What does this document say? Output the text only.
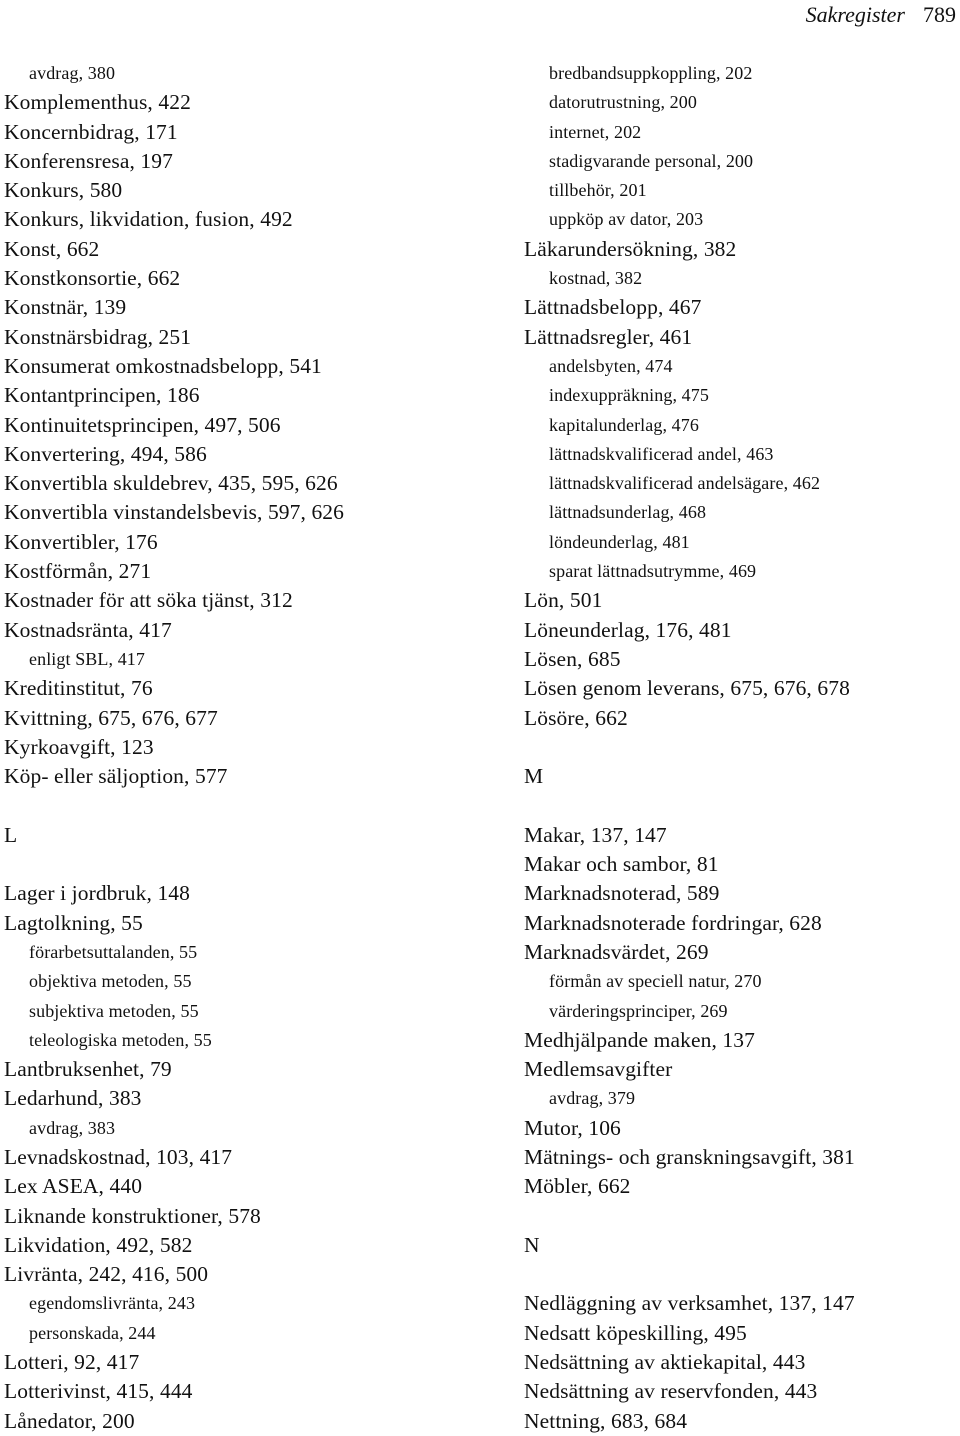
Sakregister 789
avdrag, 380
Komplementhus, 422
Koncernbidrag, 171
Konferensresa, 197
Konkurs, 580
Konkurs, likvidation, fusion, 492
Konst, 662
Konstkonsortie, 662
Konstnär, 139
Konstnärsbidrag, 251
Konsumerat omkostnadsbelopp, 541
Kontantprincipen, 186
Kontinuitetsprincipen, 497, 506
Konvertering, 494, 586
Konvertibla skuldebrev, 435, 595, 626
Konvertibla vinstandelsbevis, 597, 626
Konvertibler, 176
Kostförmån, 271
Kostnader för att söka tjänst, 312
Kostnadsränta, 417
enligt SBL, 417
Kreditinstitut, 76
Kvittning, 675, 676, 677
Kyrkoavgift, 123
Köp- eller säljoption, 577
L
Lager i jordbruk, 148
Lagtolkning, 55
förarbetsuttalanden, 55
objektiva metoden, 55
subjektiva metoden, 55
teleologiska metoden, 55
Lantbruksenhet, 79
Ledarhund, 383
avdrag, 383
Levnadskostnad, 103, 417
Lex ASEA, 440
Liknande konstruktioner, 578
Likvidation, 492, 582
Livränta, 242, 416, 500
egendomslivränta, 243
personskada, 244
Lotteri, 92, 417
Lotterivinst, 415, 444
Lånedator, 200
bredbandsuppkoppling, 202
datorutrustning, 200
internet, 202
stadigvarande personal, 200
tillbehör, 201
uppköp av dator, 203
Läkarundersökning, 382
kostnad, 382
Lättnadsbelopp, 467
Lättnadsregler, 461
andelsbyten, 474
indexuppräkning, 475
kapitalunderlag, 476
lättnadskvalificerad andel, 463
lättnadskvalificerad andelsägare, 462
lättnadsunderlag, 468
löndeunderlag, 481
sparat lättnadsutrymme, 469
Lön, 501
Löneunderlag, 176, 481
Lösen, 685
Lösen genom leverans, 675, 676, 678
Lösöre, 662
M
Makar, 137, 147
Makar och sambor, 81
Marknadsnoterad, 589
Marknadsnoterade fordringar, 628
Marknadsvärdet, 269
förmån av speciell natur, 270
värderingsprinciper, 269
Medhjälpande maken, 137
Medlemsavgifter
avdrag, 379
Mutor, 106
Mätnings- och granskningsavgift, 381
Möbler, 662
N
Nedläggning av verksamhet, 137, 147
Nedsatt köpeskilling, 495
Nedsättning av aktiekapital, 443
Nedsättning av reservfonden, 443
Nettning, 683, 684
